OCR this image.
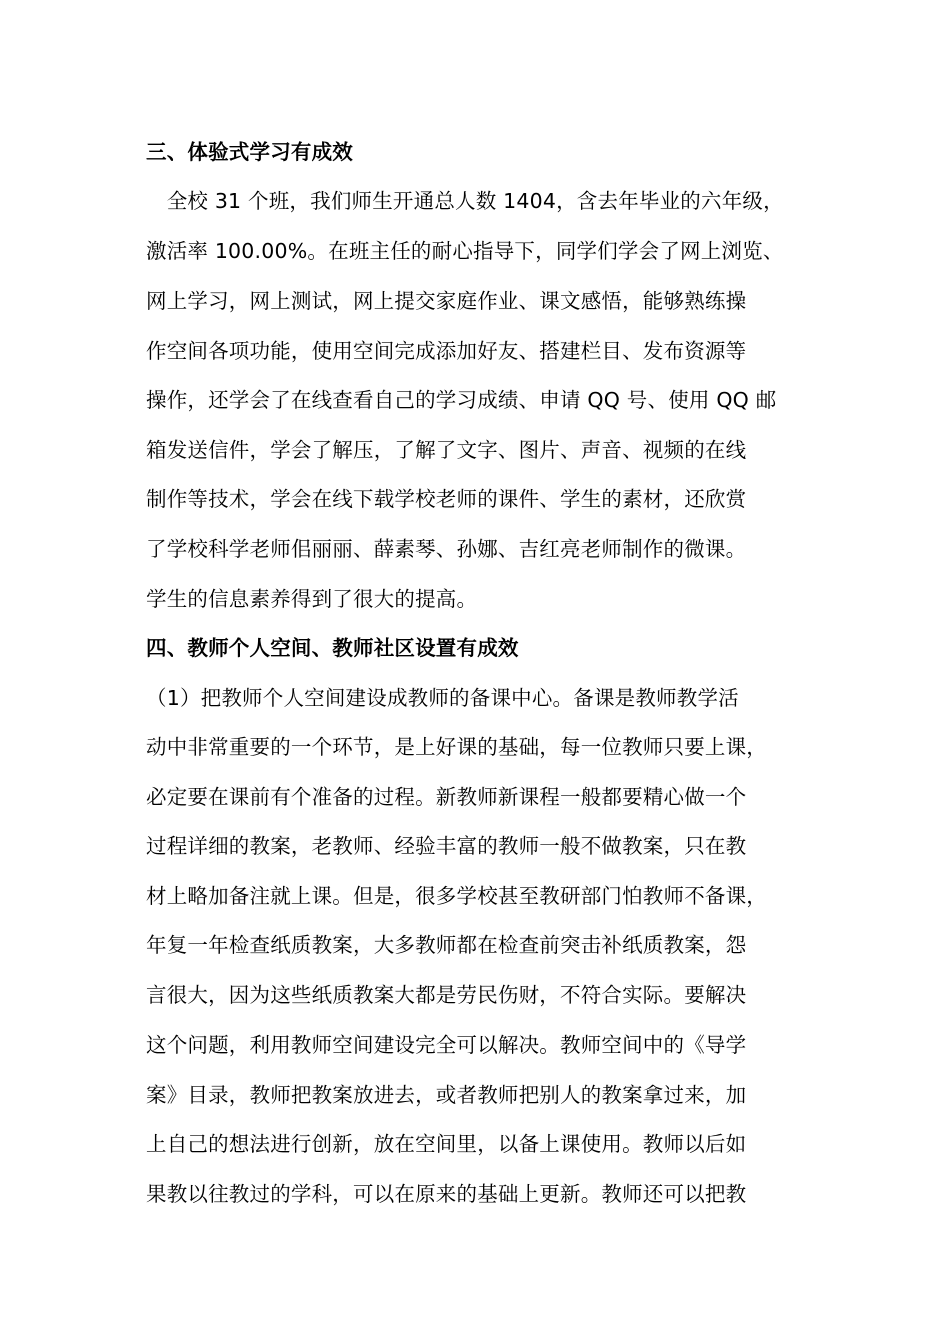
三、体验式学习有成效
　全校 31 个班，我们师生开通总人数 1404，含去年毕业的六年级，
激活率 100.00%。在班主任的耐心指导下，同学们学会了网上浏览、
网上学习，网上测试，网上提交家庭作业、课文感悟，能够熟练操
作空间各项功能，使用空间完成添加好友、搭建栏目、发布资源等
操作，还学会了在线查看自己的学习成绩、申请 QQ 号、使用 QQ 邮
箱发送信件，学会了解压，了解了文字、图片、声音、视频的在线
制作等技术，学会在线下载学校老师的课件、学生的素材，还欣赏
了学校科学老师佀丽丽、薛素琴、孙娜、吉红亮老师制作的微课。
学生的信息素养得到了很大的提高。
四、教师个人空间、教师社区设置有成效
（1）把教师个人空间建设成教师的备课中心。备课是教师教学活
动中非常重要的一个环节，是上好课的基础，每一位教师只要上课，
必定要在课前有个准备的过程。新教师新课程一般都要精心做一个
过程详细的教案，老教师、经验丰富的教师一般不做教案，只在教
材上略加备注就上课。但是，很多学校甚至教研部门怕教师不备课，
年复一年检查纸质教案，大多教师都在检查前突击补纸质教案，怨
言很大，因为这些纸质教案大都是劳民伤财，不符合实际。要解决
这个问题，利用教师空间建设完全可以解决。教师空间中的《导学
案》目录，教师把教案放进去，或者教师把别人的教案拿过来，加
上自己的想法进行创新，放在空间里，以备上课使用。教师以后如
果教以往教过的学科，可以在原来的基础上更新。教师还可以把教
